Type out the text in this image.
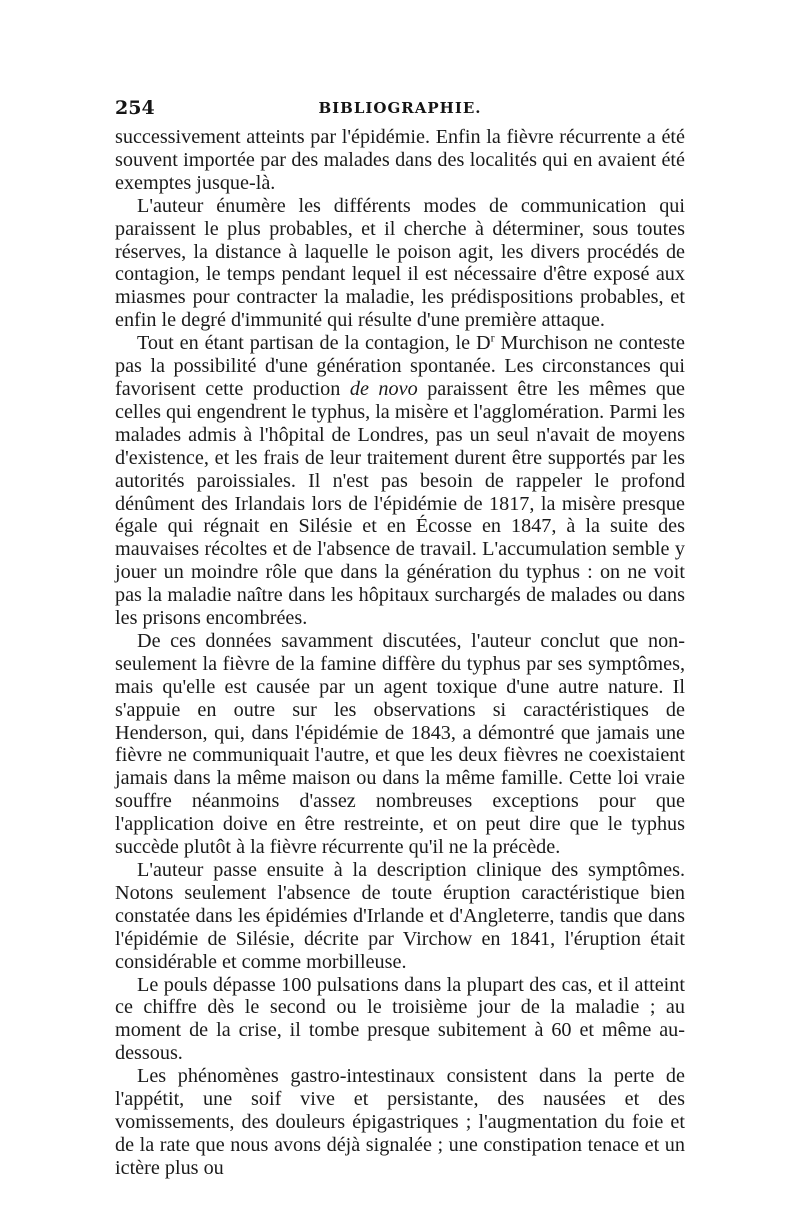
254	BIBLIOGRAPHIE.

successivement atteints par l'épidémie. Enfin la fièvre récurrente a été souvent importée par des malades dans des localités qui en avaient été exemptes jusque-là.

L'auteur énumère les différents modes de communication qui paraissent le plus probables, et il cherche à déterminer, sous toutes réserves, la distance à laquelle le poison agit, les divers procédés de contagion, le temps pendant lequel il est nécessaire d'être exposé aux miasmes pour contracter la maladie, les prédispositions probables, et enfin le degré d'immunité qui résulte d'une première attaque.

Tout en étant partisan de la contagion, le $D^r$ Murchison ne conteste pas la possibilité d'une génération spontanée. Les circonstances qui favorisent cette production de novo paraissent être les mêmes que celles qui engendrent le typhus, la misère et l'agglomération. Parmi les malades admis à l'hôpital de Londres, pas un seul n'avait de moyens d'existence, et les frais de leur traitement durent être supportés par les autorités paroissiales. Il n'est pas besoin de rappeler le profond dénûment des Irlandais lors de l'épidémie de 1817, la misère presque égale qui régnait en Silésie et en Écosse en 1847, à la suite des mauvaises récoltes et de l'absence de travail. L'accumulation semble y jouer un moindre rôle que dans la génération du typhus : on ne voit pas la maladie naître dans les hôpitaux surchargés de malades ou dans les prisons encombrées.

De ces données savamment discutées, l'auteur conclut que non-seulement la fièvre de la famine diffère du typhus par ses symptômes, mais qu'elle est causée par un agent toxique d'une autre nature. Il s'appuie en outre sur les observations si caractéristiques de Henderson, qui, dans l'épidémie de 1843, a démontré que jamais une fièvre ne communiquait l'autre, et que les deux fièvres ne coexistaient jamais dans la même maison ou dans la même famille. Cette loi vraie souffre néanmoins d'assez nombreuses exceptions pour que l'application doive en être restreinte, et on peut dire que le typhus succède plutôt à la fièvre récurrente qu'il ne la précède.

L'auteur passe ensuite à la description clinique des symptômes. Notons seulement l'absence de toute éruption caractéristique bien constatée dans les épidémies d'Irlande et d'Angleterre, tandis que dans l'épidémie de Silésie, décrite par Virchow en 1841, l'éruption était considérable et comme morbilleuse.

Le pouls dépasse 100 pulsations dans la plupart des cas, et il atteint ce chiffre dès le second ou le troisième jour de la maladie ; au moment de la crise, il tombe presque subitement à 60 et même au-dessous.

Les phénomènes gastro-intestinaux consistent dans la perte de l'appétit, une soif vive et persistante, des nausées et des vomissements, des douleurs épigastriques ; l'augmentation du foie et de la rate que nous avons déjà signalée ; une constipation tenace et un ictère plus ou
